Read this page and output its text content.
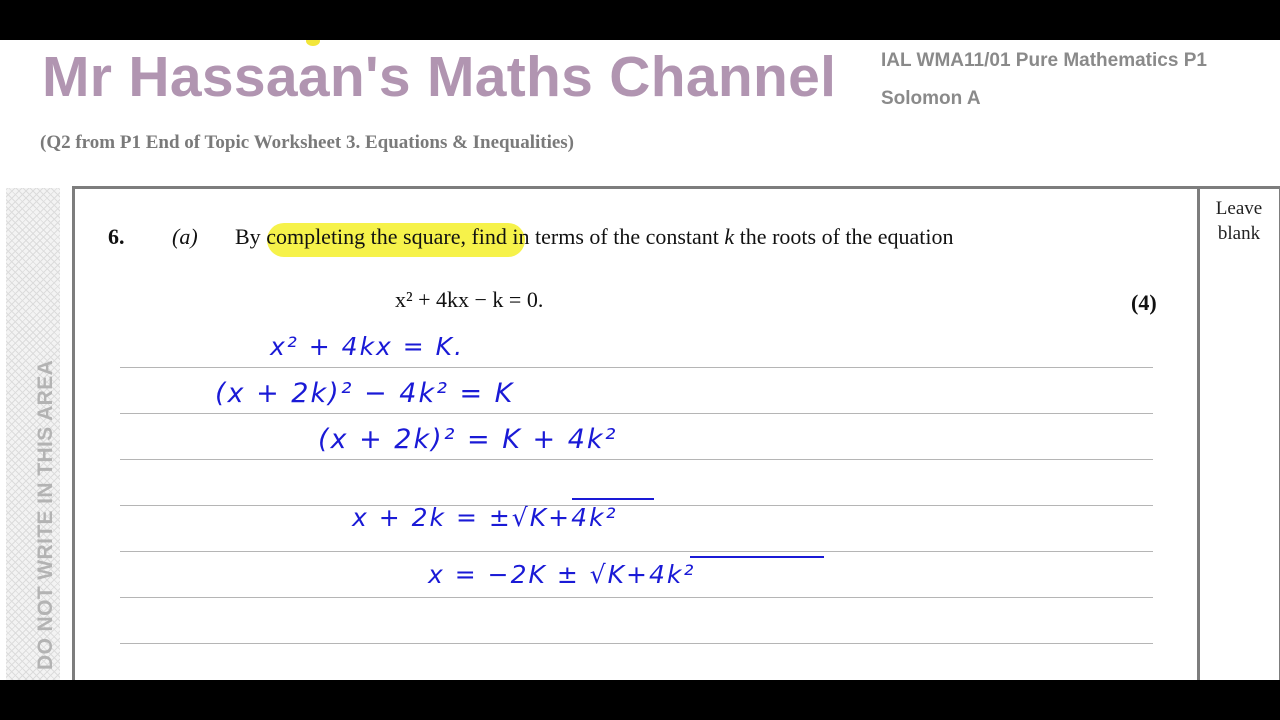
Mr Hassaan's Maths Channel IAL WMA11/01 Pure Mathematics P1
Solomon A
(Q2 from P1 End of Topic Worksheet 3. Equations & Inequalities)
DO NOT WRITE IN THIS AREA
Leave
blank
6. (a) By completing the square, find in terms of the constant k the roots of the equation
x² + 4kx − k = 0.	(4)
x² + 4kx = K.
(x + 2k)² − 4k² = K
(x + 2k)² = K + 4k²
x + 2k = ±√K+4k²
x = −2K ± √K+4k²
